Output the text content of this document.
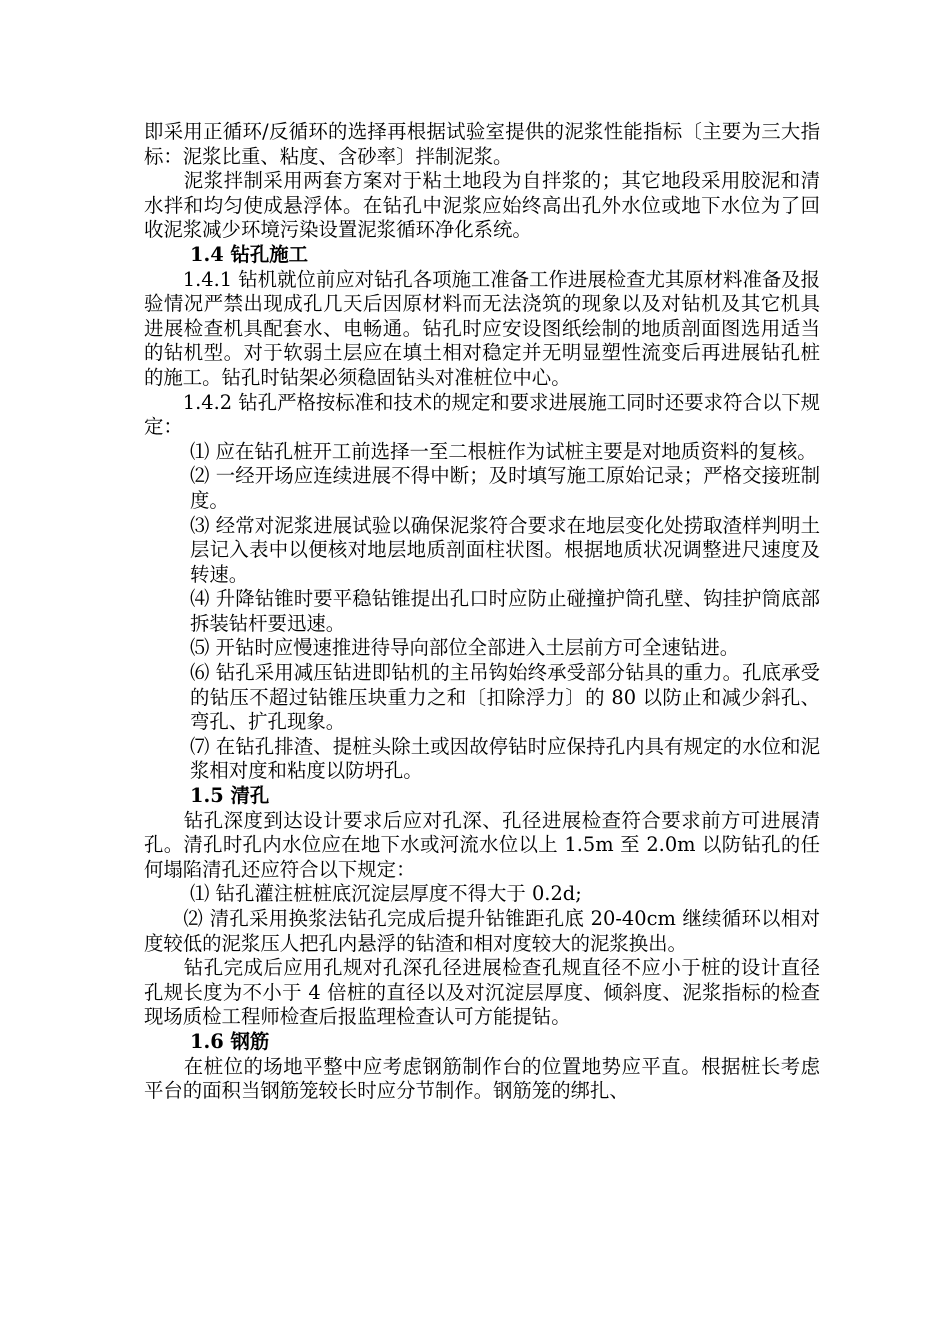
即采用正循环/反循环的选择再根据试验室提供的泥浆性能指标〔主要为三大指标：泥浆比重、粘度、含砂率〕拌制泥浆。

　　泥浆拌制采用两套方案对于粘土地段为自拌浆的；其它地段采用胶泥和清水拌和均匀使成悬浮体。在钻孔中泥浆应始终高出孔外水位或地下水位为了回收泥浆减少环境污染设置泥浆循环净化系统。

1.4 钻孔施工

　　1.4.1 钻机就位前应对钻孔各项施工准备工作进展检查尤其原材料准备及报验情况严禁出现成孔几天后因原材料而无法浇筑的现象以及对钻机及其它机具进展检查机具配套水、电畅通。钻孔时应安设图纸绘制的地质剖面图选用适当的钻机型。对于软弱土层应在填土相对稳定并无明显塑性流变后再进展钻孔桩的施工。钻孔时钻架必须稳固钻头对准桩位中心。

　　1.4.2 钻孔严格按标准和技术的规定和要求进展施工同时还要求符合以下规定：

⑴ 应在钻孔桩开工前选择一至二根桩作为试桩主要是对地质资料的复核。

⑵ 一经开场应连续进展不得中断；及时填写施工原始记录；严格交接班制度。

⑶ 经常对泥浆进展试验以确保泥浆符合要求在地层变化处捞取渣样判明土层记入表中以便核对地层地质剖面柱状图。根据地质状况调整进尺速度及转速。

⑷ 升降钻锥时要平稳钻锥提出孔口时应防止碰撞护筒孔壁、钩挂护筒底部拆装钻杆要迅速。

⑸ 开钻时应慢速推进待导向部位全部进入土层前方可全速钻进。

⑹ 钻孔采用减压钻进即钻机的主吊钩始终承受部分钻具的重力。孔底承受的钻压不超过钻锥压块重力之和〔扣除浮力〕的 80 以防止和减少斜孔、弯孔、扩孔现象。

⑺ 在钻孔排渣、提桩头除土或因故停钻时应保持孔内具有规定的水位和泥浆相对度和粘度以防坍孔。

1.5 清孔

　　钻孔深度到达设计要求后应对孔深、孔径进展检查符合要求前方可进展清孔。清孔时孔内水位应在地下水或河流水位以上 1.5m 至 2.0m 以防钻孔的任何塌陷清孔还应符合以下规定：

⑴ 钻孔灌注桩桩底沉淀层厚度不得大于 0.2d;

　　⑵ 清孔采用换浆法钻孔完成后提升钻锥距孔底 20-40cm 继续循环以相对度较低的泥浆压人把孔内悬浮的钻渣和相对度较大的泥浆换出。

　　钻孔完成后应用孔规对孔深孔径进展检查孔规直径不应小于桩的设计直径孔规长度为不小于 4 倍桩的直径以及对沉淀层厚度、倾斜度、泥浆指标的检查现场质检工程师检查后报监理检查认可方能提钻。

1.6 钢筋

　　在桩位的场地平整中应考虑钢筋制作台的位置地势应平直。根据桩长考虑平台的面积当钢筋笼较长时应分节制作。钢筋笼的绑扎、
